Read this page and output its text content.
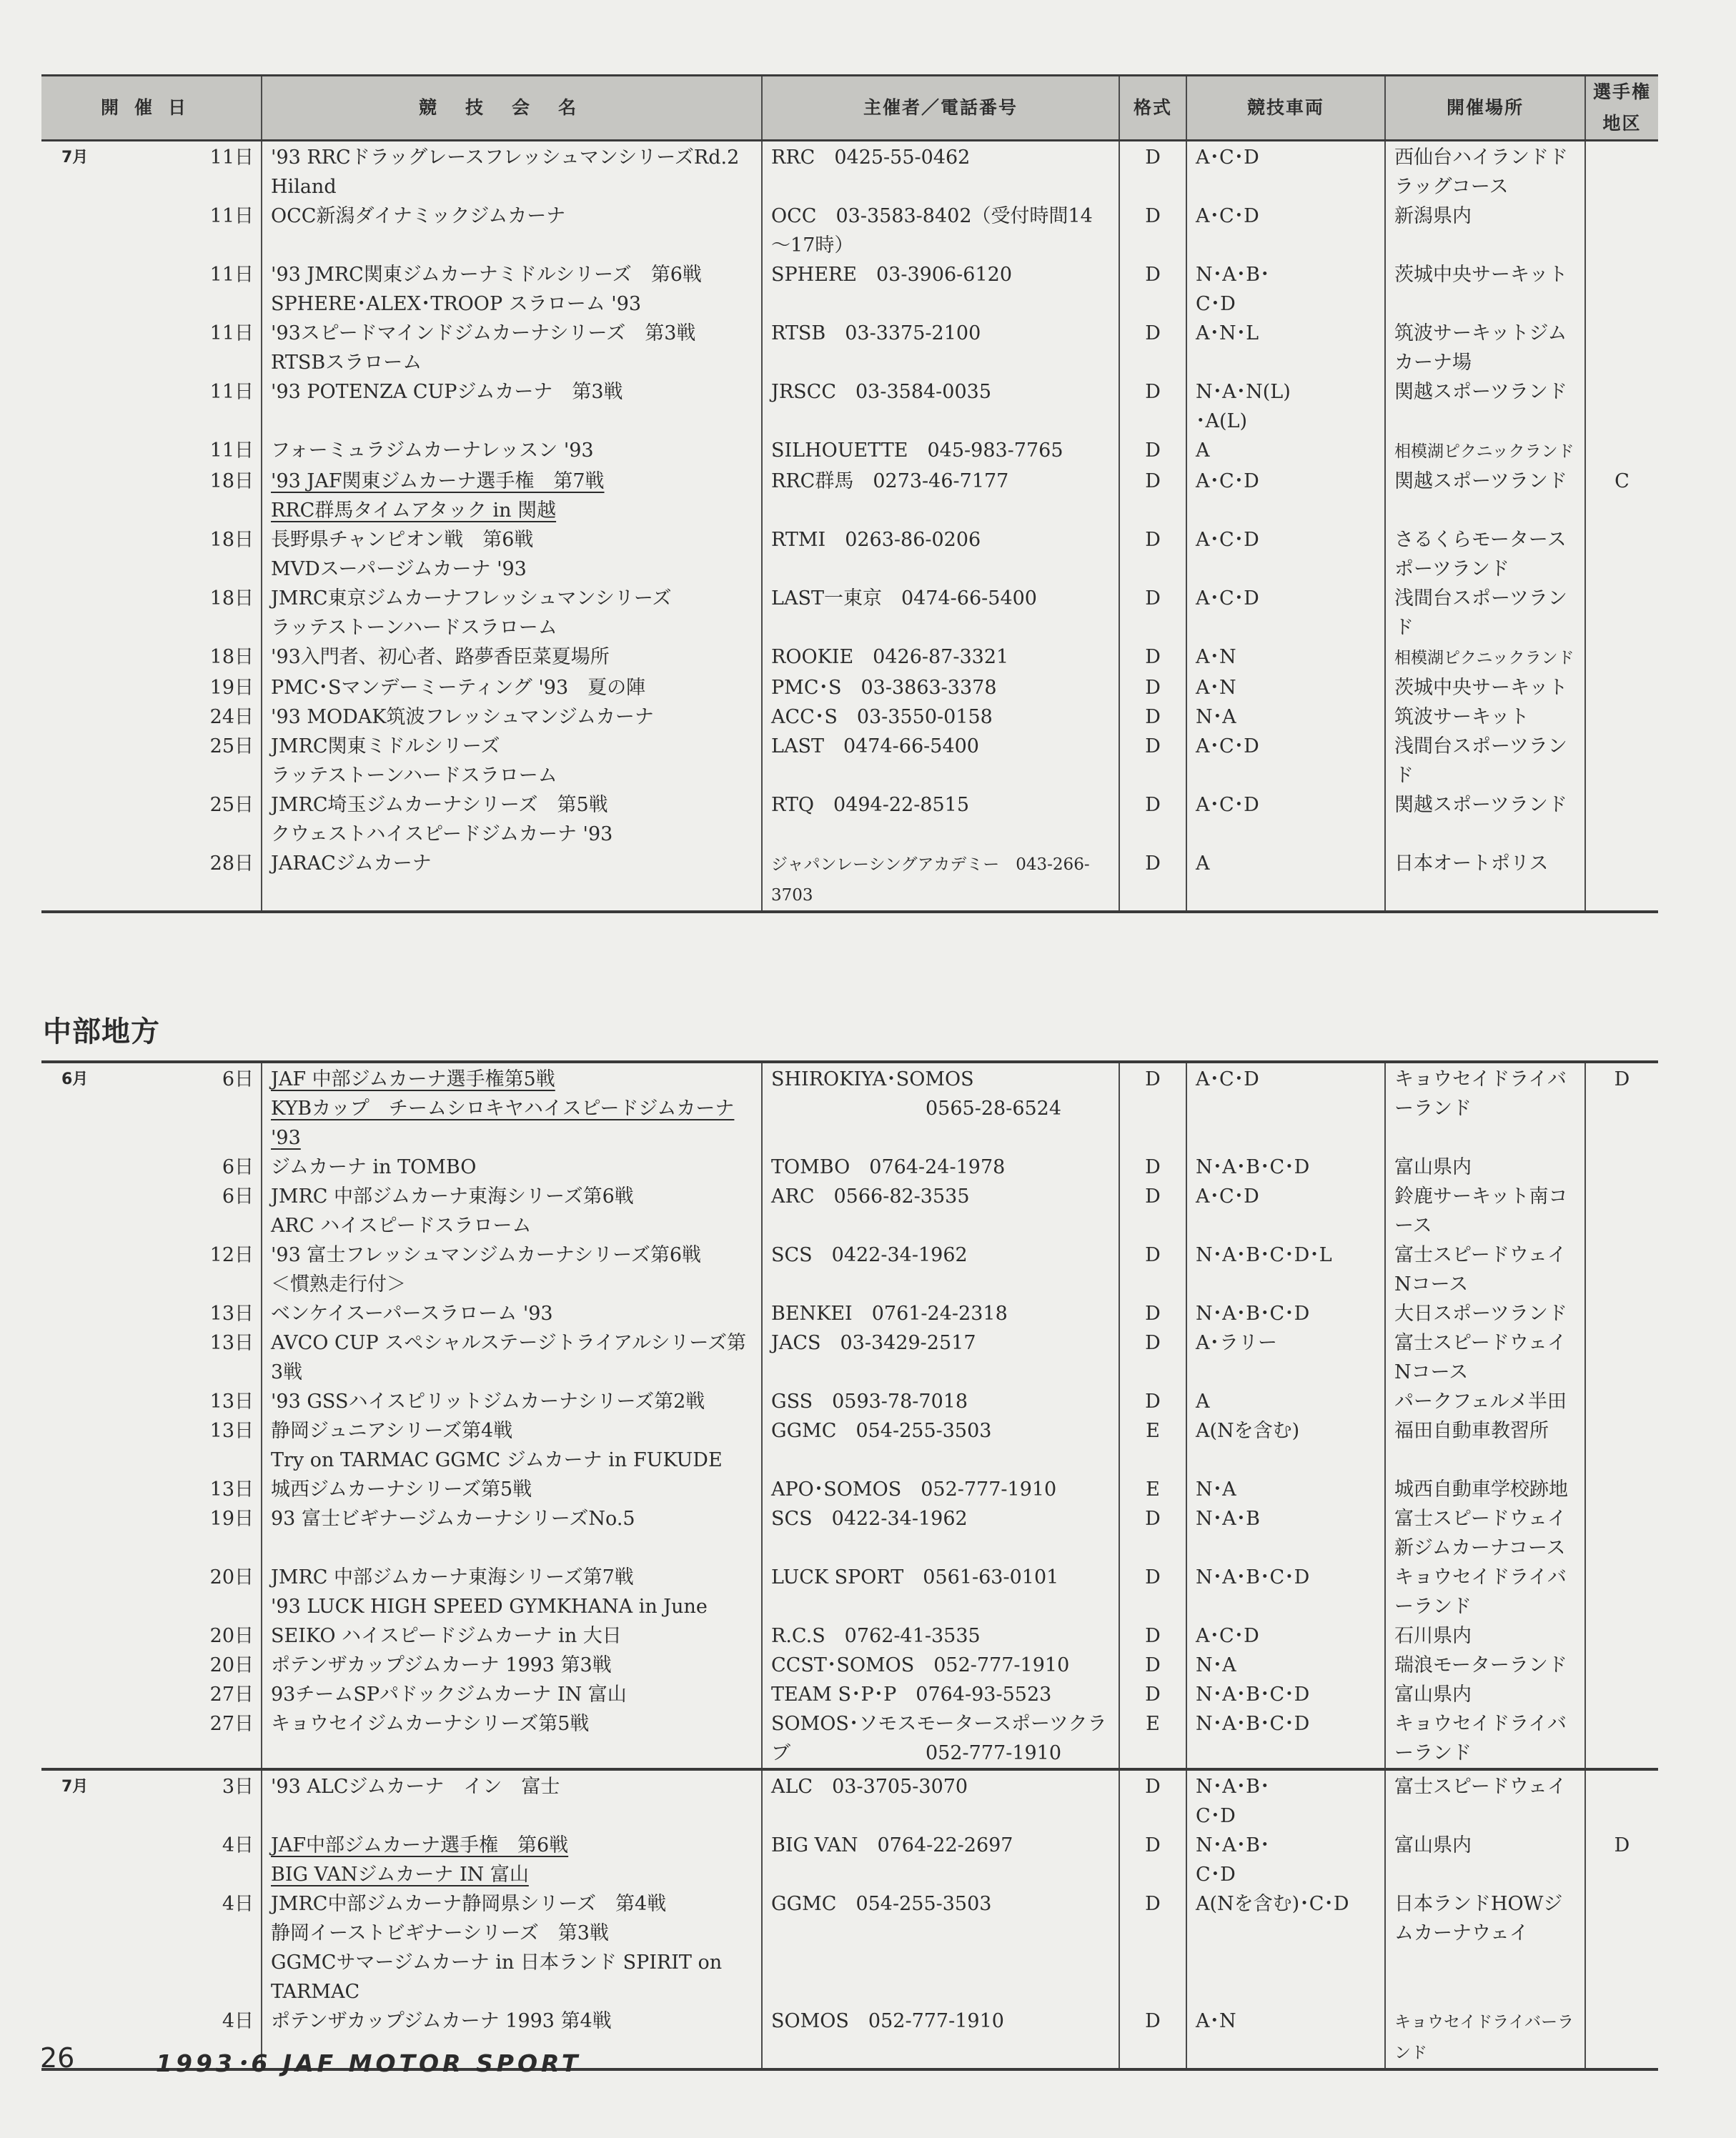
開催日		競技会名	主催者／電話番号	格式	競技車両	開催場所	選手権地区
7月	11日	'93 RRCドラッグレースフレッシュマンシリーズRd.2
Hiland	RRC　0425-55-0462	D	A･C･D	西仙台ハイランドド
ラッグコース	
	11日	OCC新潟ダイナミックジムカーナ	OCC　03-3583-8402（受付時間14
～17時）	D	A･C･D	新潟県内	
	11日	'93 JMRC関東ジムカーナミドルシリーズ　第6戦
SPHERE･ALEX･TROOP スラローム '93	SPHERE　03-3906-6120	D	N･A･B･
C･D	茨城中央サーキット	
	11日	'93スピードマインドジムカーナシリーズ　第3戦
RTSBスラローム	RTSB　03-3375-2100	D	A･N･L	筑波サーキットジム
カーナ場	
	11日	'93 POTENZA CUPジムカーナ　第3戦	JRSCC　03-3584-0035	D	N･A･N(L)
･A(L)	関越スポーツランド	
	11日	フォーミュラジムカーナレッスン '93	SILHOUETTE　045-983-7765	D	A	相模湖ピクニックランド	
	18日	'93 JAF関東ジムカーナ選手権　第7戦
RRC群馬タイムアタック in 関越	RRC群馬　0273-46-7177	D	A･C･D	関越スポーツランド	C
	18日	長野県チャンピオン戦　第6戦
MVDスーパージムカーナ '93	RTMI　0263-86-0206	D	A･C･D	さるくらモータース
ポーツランド	
	18日	JMRC東京ジムカーナフレッシュマンシリーズ
ラッテストーンハードスラローム	LAST一東京　0474-66-5400	D	A･C･D	浅間台スポーツラン
ド	
	18日	'93入門者、初心者、路夢香臣菜夏場所	ROOKIE　0426-87-3321	D	A･N	相模湖ピクニックランド	
	19日	PMC･Sマンデーミーティング '93　夏の陣	PMC･S　03-3863-3378	D	A･N	茨城中央サーキット	
	24日	'93 MODAK筑波フレッシュマンジムカーナ	ACC･S　03-3550-0158	D	N･A	筑波サーキット	
	25日	JMRC関東ミドルシリーズ
ラッテストーンハードスラローム	LAST　0474-66-5400	D	A･C･D	浅間台スポーツラン
ド	
	25日	JMRC埼玉ジムカーナシリーズ　第5戦
クウェストハイスピードジムカーナ '93	RTQ　0494-22-8515	D	A･C･D	関越スポーツランド	
	28日	JARACジムカーナ	ジャパンレーシングアカデミー　043-266-3703	D	A	日本オートポリス	
中部地方
6月	6日	JAF 中部ジムカーナ選手権第5戦
KYBカップ　チームシロキヤハイスピードジムカーナ '93	SHIROKIYA･SOMOS
　　　　　　　　0565-28-6524	D	A･C･D	キョウセイドライバ
ーランド	D
	6日	ジムカーナ in TOMBO	TOMBO　0764-24-1978	D	N･A･B･C･D	富山県内	
	6日	JMRC 中部ジムカーナ東海シリーズ第6戦
ARC ハイスピードスラローム	ARC　0566-82-3535	D	A･C･D	鈴鹿サーキット南コ
ース	
	12日	'93 富士フレッシュマンジムカーナシリーズ第6戦
＜慣熟走行付＞	SCS　0422-34-1962	D	N･A･B･C･D･L	富士スピードウェイ
Nコース	
	13日	ベンケイスーパースラローム '93	BENKEI　0761-24-2318	D	N･A･B･C･D	大日スポーツランド	
	13日	AVCO CUP スペシャルステージトライアルシリーズ第3戦	JACS　03-3429-2517	D	A･ラリー	富士スピードウェイ
Nコース	
	13日	'93 GSSハイスピリットジムカーナシリーズ第2戦	GSS　0593-78-7018	D	A	パークフェルメ半田	
	13日	静岡ジュニアシリーズ第4戦
Try on TARMAC GGMC ジムカーナ in FUKUDE	GGMC　054-255-3503	E	A(Nを含む)	福田自動車教習所	
	13日	城西ジムカーナシリーズ第5戦	APO･SOMOS　052-777-1910	E	N･A	城西自動車学校跡地	
	19日	93 富士ビギナージムカーナシリーズNo.5	SCS　0422-34-1962	D	N･A･B	富士スピードウェイ
新ジムカーナコース	
	20日	JMRC 中部ジムカーナ東海シリーズ第7戦
'93 LUCK HIGH SPEED GYMKHANA in June	LUCK SPORT　0561-63-0101	D	N･A･B･C･D	キョウセイドライバ
ーランド	
	20日	SEIKO ハイスピードジムカーナ in 大日	R.C.S　0762-41-3535	D	A･C･D	石川県内	
	20日	ポテンザカップジムカーナ 1993 第3戦	CCST･SOMOS　052-777-1910	D	N･A	瑞浪モーターランド	
	27日	93チームSPパドックジムカーナ IN 富山	TEAM S･P･P　0764-93-5523	D	N･A･B･C･D	富山県内	
	27日	キョウセイジムカーナシリーズ第5戦	SOMOS･ソモスモータースポーツクラ
ブ　　　　　　　052-777-1910	E	N･A･B･C･D	キョウセイドライバ
ーランド	
7月	3日	'93 ALCジムカーナ　イン　富士	ALC　03-3705-3070	D	N･A･B･
C･D	富士スピードウェイ	
	4日	JAF中部ジムカーナ選手権　第6戦
BIG VANジムカーナ IN 富山	BIG VAN　0764-22-2697	D	N･A･B･
C･D	富山県内	D
	4日	JMRC中部ジムカーナ静岡県シリーズ　第4戦
静岡イーストビギナーシリーズ　第3戦
GGMCサマージムカーナ in 日本ランド SPIRIT on TARMAC	GGMC　054-255-3503	D	A(Nを含む)･C･D	日本ランドHOWジ
ムカーナウェイ	
	4日	ポテンザカップジムカーナ 1993 第4戦	SOMOS　052-777-1910	D	A･N	キョウセイドライバーランド	
26	1993･6 JAF MOTOR SPORT
